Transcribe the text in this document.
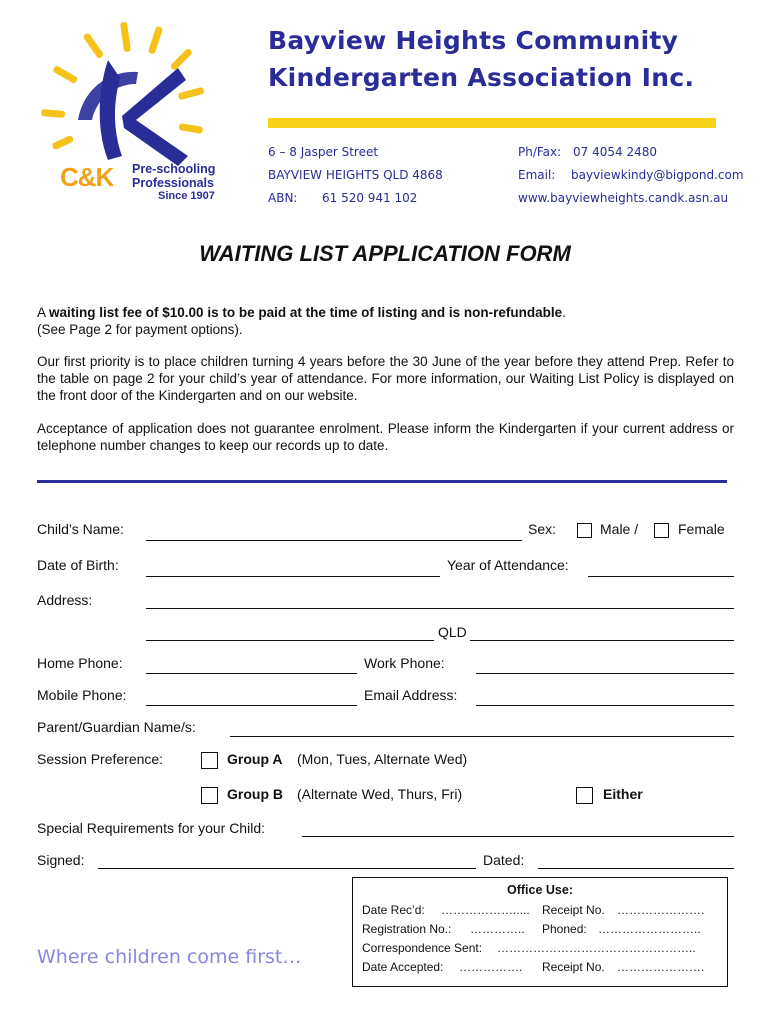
C&K Pre-schooling
Professionals
Since 1907
Bayview Heights Community
Kindergarten Association Inc.
6 – 8 Jasper Street
BAYVIEW HEIGHTS QLD 4868
ABN: 61 520 941 102
Ph/Fax: 07 4054 2480
Email: bayviewkindy@bigpond.com
www.bayviewheights.candk.asn.au
WAITING LIST APPLICATION FORM
A waiting list fee of $10.00 is to be paid at the time of listing and is non-refundable.
(See Page 2 for payment options).
Our first priority is to place children turning 4 years before the 30 June of the year before they attend Prep. Refer to the table on page 2 for your child’s year of attendance. For more information, our Waiting List Policy is displayed on the front door of the Kindergarten and on our website.
Acceptance of application does not guarantee enrolment. Please inform the Kindergarten if your current address or telephone number changes to keep our records up to date.
Child’s Name:	Sex:	Male /	Female
Date of Birth:	Year of Attendance:
Address:
QLD
Home Phone:	Work Phone:
Mobile Phone:	Email Address:
Parent/Guardian Name/s:
Session Preference:	Group A (Mon, Tues, Alternate Wed)
Group B (Alternate Wed, Thurs, Fri)	Either
Special Requirements for your Child:
Signed:	Dated:
Office Use:
Date Rec’d: ………………..... Receipt No. ………………….
Registration No.: ………….. Phoned: ……………………..
Correspondence Sent: …………………………………………..
Date Accepted: ……………. Receipt No. ………………….
Where children come first…
